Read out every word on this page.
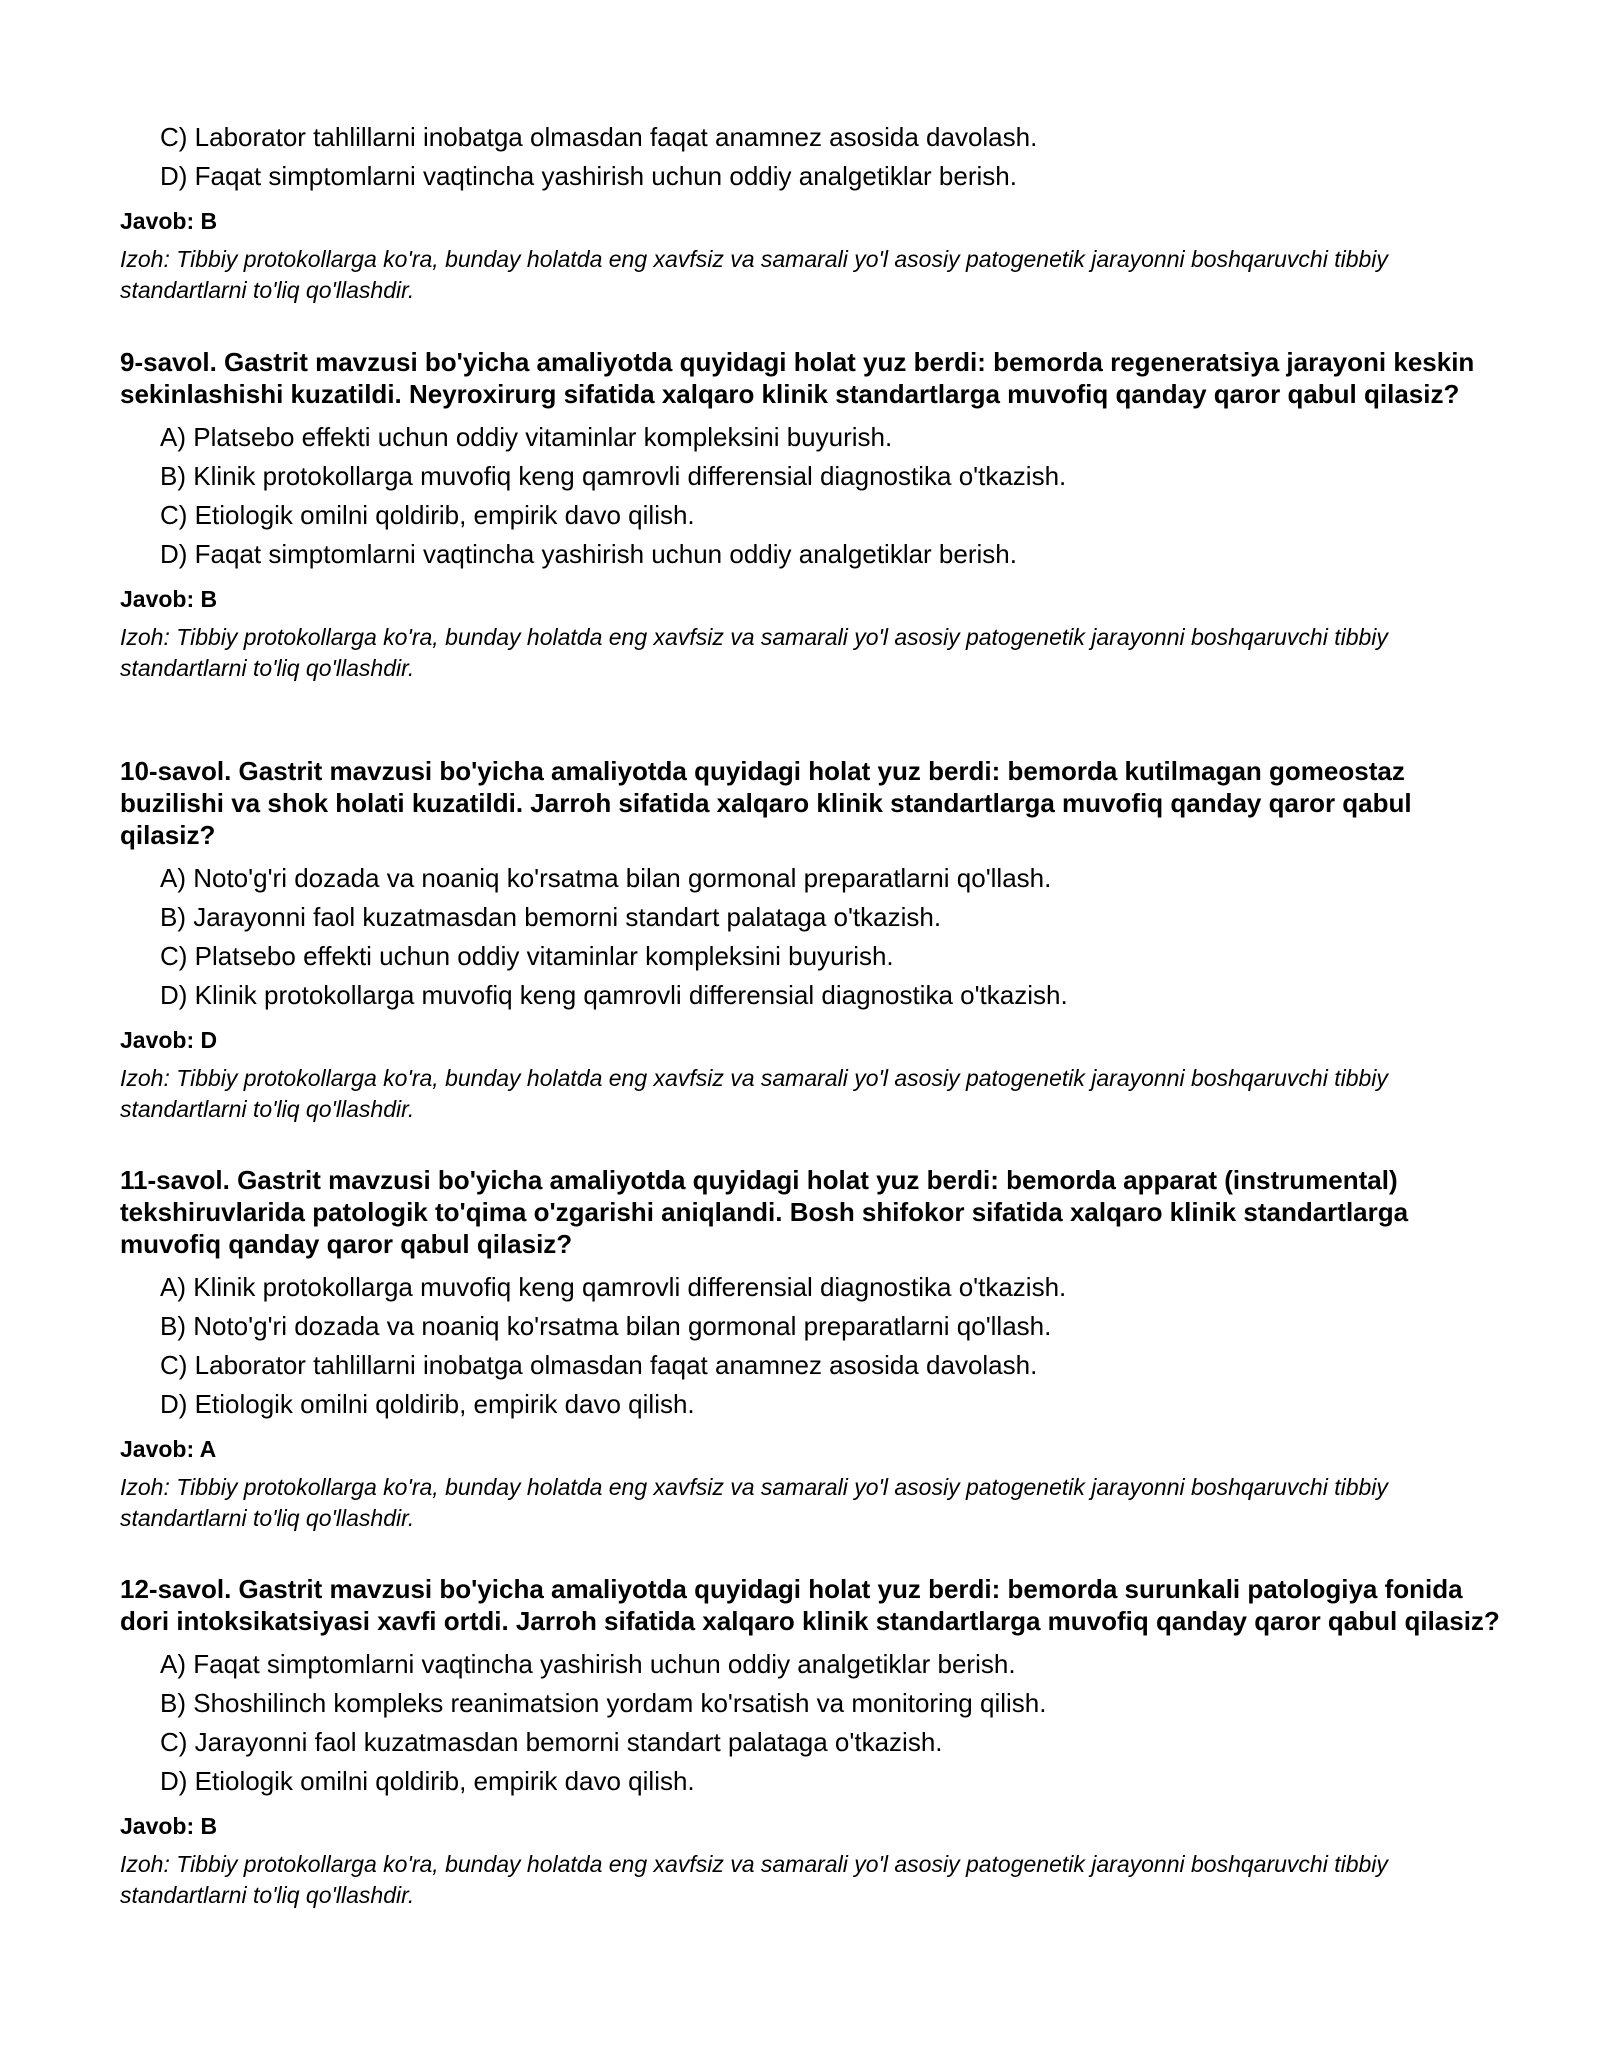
C) Laborator tahlillarni inobatga olmasdan faqat anamnez asosida davolash.
D) Faqat simptomlarni vaqtincha yashirish uchun oddiy analgetiklar berish.
Javob: B
Izoh: Tibbiy protokollarga ko'ra, bunday holatda eng xavfsiz va samarali yo'l asosiy patogenetik jarayonni boshqaruvchi tibbiy standartlarni to'liq qo'llashdir.
9-savol. Gastrit mavzusi bo'yicha amaliyotda quyidagi holat yuz berdi: bemorda regeneratsiya jarayoni keskin sekinlashishi kuzatildi. Neyroxirurg sifatida xalqaro klinik standartlarga muvofiq qanday qaror qabul qilasiz?
A) Platsebo effekti uchun oddiy vitaminlar kompleksini buyurish.
B) Klinik protokollarga muvofiq keng qamrovli differensial diagnostika o'tkazish.
C) Etiologik omilni qoldirib, empirik davo qilish.
D) Faqat simptomlarni vaqtincha yashirish uchun oddiy analgetiklar berish.
Javob: B
Izoh: Tibbiy protokollarga ko'ra, bunday holatda eng xavfsiz va samarali yo'l asosiy patogenetik jarayonni boshqaruvchi tibbiy standartlarni to'liq qo'llashdir.
10-savol. Gastrit mavzusi bo'yicha amaliyotda quyidagi holat yuz berdi: bemorda kutilmagan gomeostaz buzilishi va shok holati kuzatildi. Jarroh sifatida xalqaro klinik standartlarga muvofiq qanday qaror qabul qilasiz?
A) Noto'g'ri dozada va noaniq ko'rsatma bilan gormonal preparatlarni qo'llash.
B) Jarayonni faol kuzatmasdan bemorni standart palataga o'tkazish.
C) Platsebo effekti uchun oddiy vitaminlar kompleksini buyurish.
D) Klinik protokollarga muvofiq keng qamrovli differensial diagnostika o'tkazish.
Javob: D
Izoh: Tibbiy protokollarga ko'ra, bunday holatda eng xavfsiz va samarali yo'l asosiy patogenetik jarayonni boshqaruvchi tibbiy standartlarni to'liq qo'llashdir.
11-savol. Gastrit mavzusi bo'yicha amaliyotda quyidagi holat yuz berdi: bemorda apparat (instrumental) tekshiruvlarida patologik to'qima o'zgarishi aniqlandi. Bosh shifokor sifatida xalqaro klinik standartlarga muvofiq qanday qaror qabul qilasiz?
A) Klinik protokollarga muvofiq keng qamrovli differensial diagnostika o'tkazish.
B) Noto'g'ri dozada va noaniq ko'rsatma bilan gormonal preparatlarni qo'llash.
C) Laborator tahlillarni inobatga olmasdan faqat anamnez asosida davolash.
D) Etiologik omilni qoldirib, empirik davo qilish.
Javob: A
Izoh: Tibbiy protokollarga ko'ra, bunday holatda eng xavfsiz va samarali yo'l asosiy patogenetik jarayonni boshqaruvchi tibbiy standartlarni to'liq qo'llashdir.
12-savol. Gastrit mavzusi bo'yicha amaliyotda quyidagi holat yuz berdi: bemorda surunkali patologiya fonida dori intoksikatsiyasi xavfi ortdi. Jarroh sifatida xalqaro klinik standartlarga muvofiq qanday qaror qabul qilasiz?
A) Faqat simptomlarni vaqtincha yashirish uchun oddiy analgetiklar berish.
B) Shoshilinch kompleks reanimatsion yordam ko'rsatish va monitoring qilish.
C) Jarayonni faol kuzatmasdan bemorni standart palataga o'tkazish.
D) Etiologik omilni qoldirib, empirik davo qilish.
Javob: B
Izoh: Tibbiy protokollarga ko'ra, bunday holatda eng xavfsiz va samarali yo'l asosiy patogenetik jarayonni boshqaruvchi tibbiy standartlarni to'liq qo'llashdir.
